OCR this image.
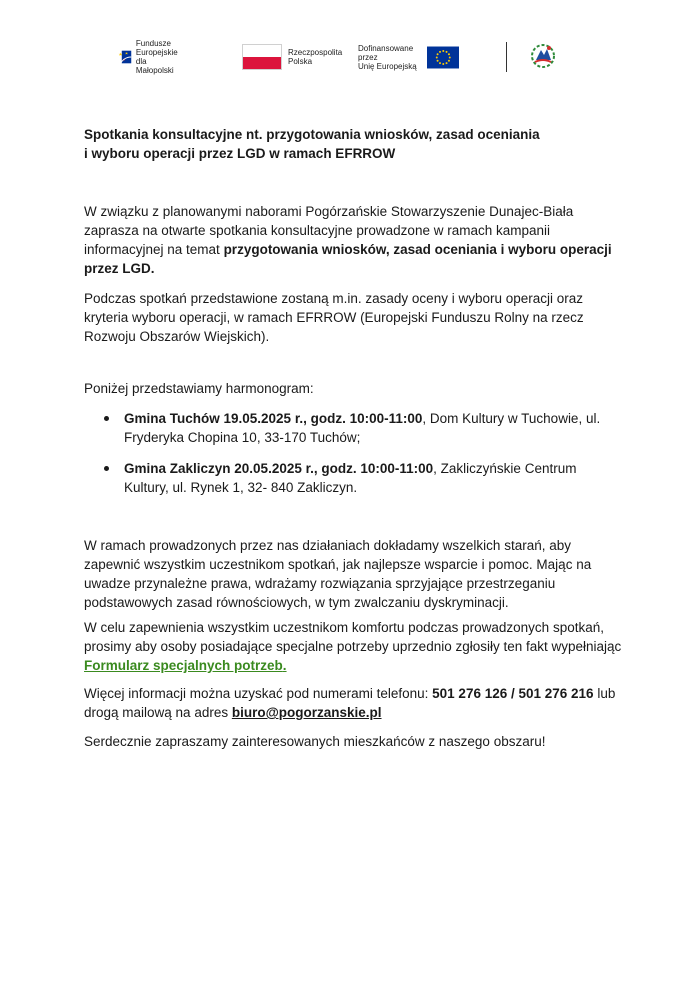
Fundusze Europejskie
dla Małopolski
Rzeczpospolita
Polska
Dofinansowane przez
Unię Europejską
Spotkania konsultacyjne nt. przygotowania wniosków, zasad oceniania
i wyboru operacji przez LGD w ramach EFRROW

W związku z planowanymi naborami Pogórzańskie Stowarzyszenie Dunajec-Biała zaprasza na otwarte spotkania konsultacyjne prowadzone w ramach kampanii informacyjnej na temat przygotowania wniosków, zasad oceniania i wyboru operacji przez LGD.

Podczas spotkań przedstawione zostaną m.in. zasady oceny i wyboru operacji oraz kryteria wyboru operacji, w ramach EFRROW (Europejski Funduszu Rolny na rzecz Rozwoju Obszarów Wiejskich).

Poniżej przedstawiamy harmonogram:

Gmina Tuchów 19.05.2025 r., godz. 10:00-11:00, Dom Kultury w Tuchowie, ul. Fryderyka Chopina 10, 33-170 Tuchów;
Gmina Zakliczyn 20.05.2025 r., godz. 10:00-11:00, Zakliczyńskie Centrum Kultury, ul. Rynek 1, 32- 840 Zakliczyn.

W ramach prowadzonych przez nas działaniach dokładamy wszelkich starań, aby zapewnić wszystkim uczestnikom spotkań, jak najlepsze wsparcie i pomoc. Mając na uwadze przynależne prawa, wdrażamy rozwiązania sprzyjające przestrzeganiu podstawowych zasad równościowych, w tym zwalczaniu dyskryminacji.

W celu zapewnienia wszystkim uczestnikom komfortu podczas prowadzonych spotkań, prosimy aby osoby posiadające specjalne potrzeby uprzednio zgłosiły ten fakt wypełniając Formularz specjalnych potrzeb.

Więcej informacji można uzyskać pod numerami telefonu: 501 276 126 / 501 276 216 lub drogą mailową na adres biuro@pogorzanskie.pl

Serdecznie zapraszamy zainteresowanych mieszkańców z naszego obszaru!
